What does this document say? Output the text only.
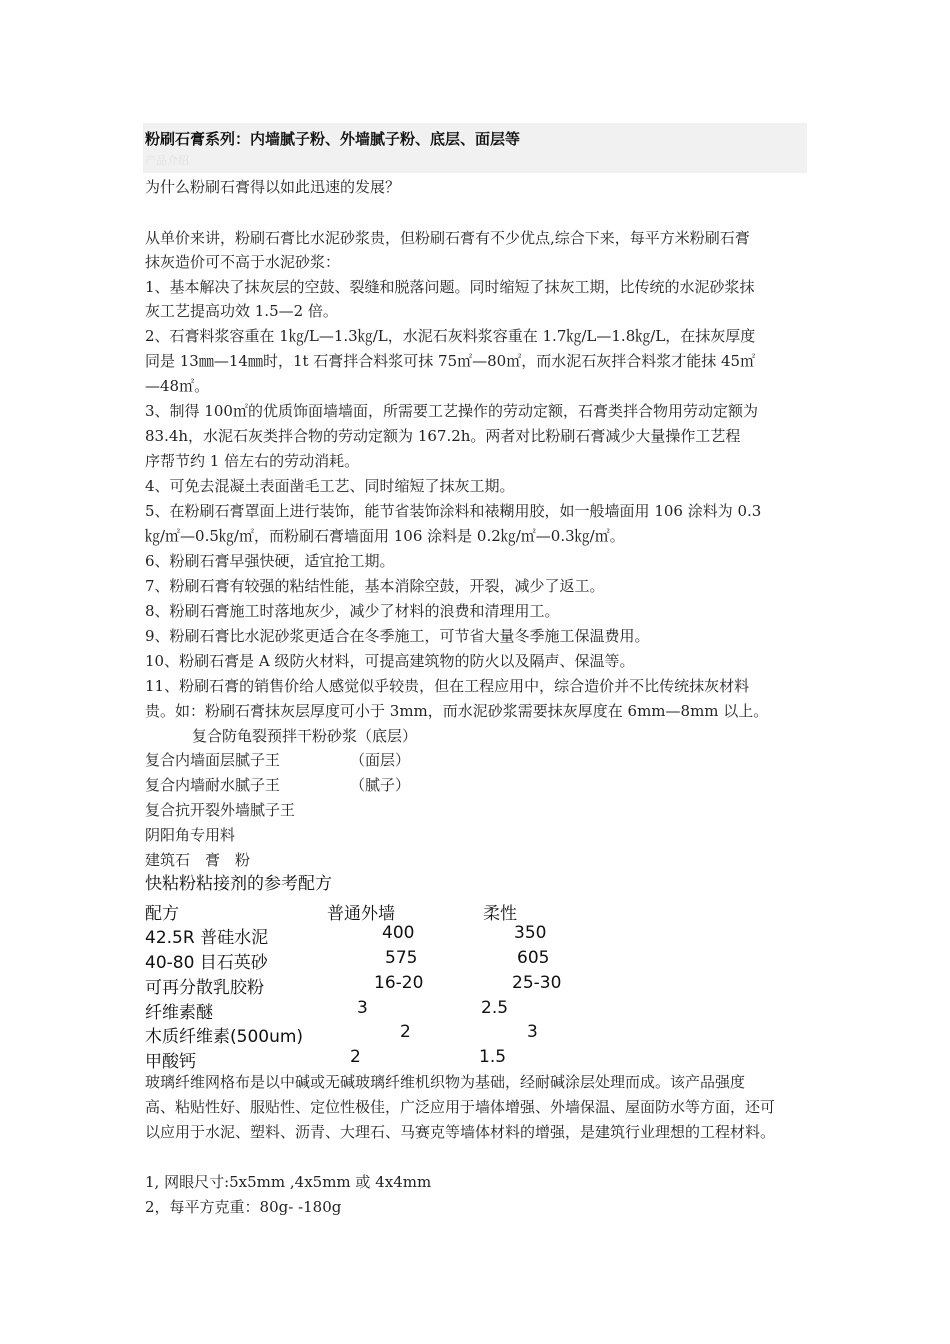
粉刷石膏系列：内墙腻子粉、外墙腻子粉、底层、面层等
产品介绍
为什么粉刷石膏得以如此迅速的发展？
从单价来讲，粉刷石膏比水泥砂浆贵，但粉刷石膏有不少优点,综合下来，每平方米粉刷石膏
抹灰造价可不高于水泥砂浆：
1、基本解决了抹灰层的空鼓、裂缝和脱落问题。同时缩短了抹灰工期，比传统的水泥砂浆抹
灰工艺提高功效 1.5—2 倍。
2、石膏料浆容重在 1㎏/L—1.3㎏/L，水泥石灰料浆容重在 1.7㎏/L—1.8㎏/L，在抹灰厚度
同是 13㎜—14㎜时，1t 石膏拌合料浆可抹 75㎡—80㎡，而水泥石灰拌合料浆才能抹 45㎡
—48㎡。
3、制得 100㎡的优质饰面墙墙面，所需要工艺操作的劳动定额，石膏类拌合物用劳动定额为
83.4h，水泥石灰类拌合物的劳动定额为 167.2h。两者对比粉刷石膏减少大量操作工艺程
序帮节约 1 倍左右的劳动消耗。
4、可免去混凝土表面凿毛工艺、同时缩短了抹灰工期。
5、在粉刷石膏罩面上进行装饰，能节省装饰涂料和裱糊用胶，如一般墙面用 106 涂料为 0.3
㎏/㎡—0.5㎏/㎡，而粉刷石膏墙面用 106 涂料是 0.2㎏/㎡—0.3㎏/㎡。
6、粉刷石膏早强快硬，适宜抢工期。
7、粉刷石膏有较强的粘结性能，基本消除空鼓，开裂，减少了返工。
8、粉刷石膏施工时落地灰少，减少了材料的浪费和清理用工。
9、粉刷石膏比水泥砂浆更适合在冬季施工，可节省大量冬季施工保温费用。
10、粉刷石膏是 A 级防火材料，可提高建筑物的防火以及隔声、保温等。
11、粉刷石膏的销售价给人感觉似乎较贵，但在工程应用中，综合造价并不比传统抹灰材料
贵。如：粉刷石膏抹灰层厚度可小于 3mm，而水泥砂浆需要抹灰厚度在 6mm—8mm 以上。
复合防龟裂预拌干粉砂浆（底层）
复合内墙面层腻子王	（面层）
复合内墙耐水腻子王	（腻子）
复合抗开裂外墙腻子王
阴阳角专用料
建筑石　膏　粉
快粘粉粘接剂的参考配方
配方	普通外墙	柔性
42.5R 普硅水泥	400	350
40-80 目石英砂	575	605
可再分散乳胶粉	16-20	25-30
纤维素醚	3	2.5
木质纤维素(500um)	2	3
甲酸钙	2	1.5
玻璃纤维网格布是以中碱或无碱玻璃纤维机织物为基础，经耐碱涂层处理而成。该产品强度
高、粘贴性好、服贴性、定位性极佳，广泛应用于墙体增强、外墙保温、屋面防水等方面，还可
以应用于水泥、塑料、沥青、大理石、马赛克等墙体材料的增强，是建筑行业理想的工程材料。
1, 网眼尺寸:5x5mm ,4x5mm 或 4x4mm
2，每平方克重：80g- -180g
